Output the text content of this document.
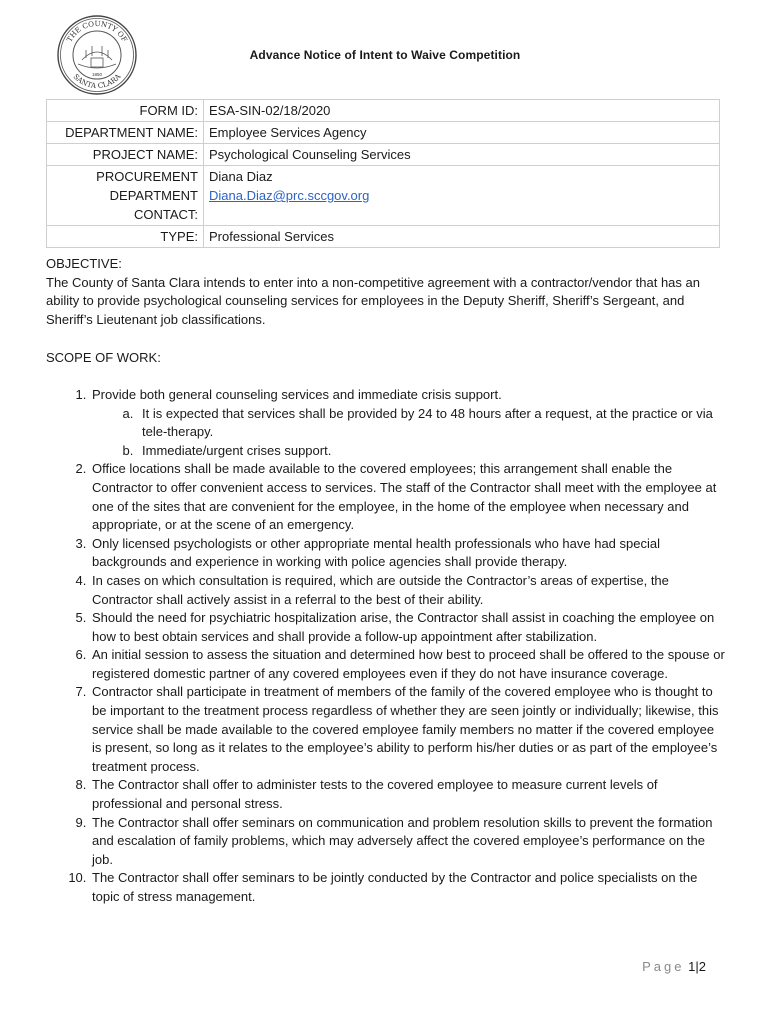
THE COUNTY OF
SANTA CLARA
1850
Advance Notice of Intent to Waive Competition
FORM ID:	ESA-SIN-02/18/2020
DEPARTMENT NAME:	Employee Services Agency
PROJECT NAME:	Psychological Counseling Services
PROCUREMENT DEPARTMENT CONTACT:	Diana Diaz
Diana.Diaz@prc.sccgov.org

TYPE:	Professional Services

OBJECTIVE:

The County of Santa Clara intends to enter into a non-competitive agreement with a contractor/vendor that has an ability to provide psychological counseling services for employees in the Deputy Sheriff, Sheriff’s Sergeant, and Sheriff’s Lieutenant job classifications.

SCOPE OF WORK:

1. Provide both general counseling services and immediate crisis support.
a. It is expected that services shall be provided by 24 to 48 hours after a request, at the practice or via tele-therapy.
b. Immediate/urgent crises support.
2. Office locations shall be made available to the covered employees; this arrangement shall enable the Contractor to offer convenient access to services. The staff of the Contractor shall meet with the employee at one of the sites that are convenient for the employee, in the home of the employee when necessary and appropriate, or at the scene of an emergency.
3. Only licensed psychologists or other appropriate mental health professionals who have had special backgrounds and experience in working with police agencies shall provide therapy.
4. In cases on which consultation is required, which are outside the Contractor’s areas of expertise, the Contractor shall actively assist in a referral to the best of their ability.
5. Should the need for psychiatric hospitalization arise, the Contractor shall assist in coaching the employee on how to best obtain services and shall provide a follow-up appointment after stabilization.
6. An initial session to assess the situation and determined how best to proceed shall be offered to the spouse or registered domestic partner of any covered employees even if they do not have insurance coverage.
7. Contractor shall participate in treatment of members of the family of the covered employee who is thought to be important to the treatment process regardless of whether they are seen jointly or individually; likewise, this service shall be made available to the covered employee family members no matter if the covered employee is present, so long as it relates to the employee’s ability to perform his/her duties or as part of the employee’s treatment process.
8. The Contractor shall offer to administer tests to the covered employee to measure current levels of professional and personal stress.
9. The Contractor shall offer seminars on communication and problem resolution skills to prevent the formation and escalation of family problems, which may adversely affect the covered employee’s performance on the job.
10. The Contractor shall offer seminars to be jointly conducted by the Contractor and police specialists on the topic of stress management.
Page 1|2
